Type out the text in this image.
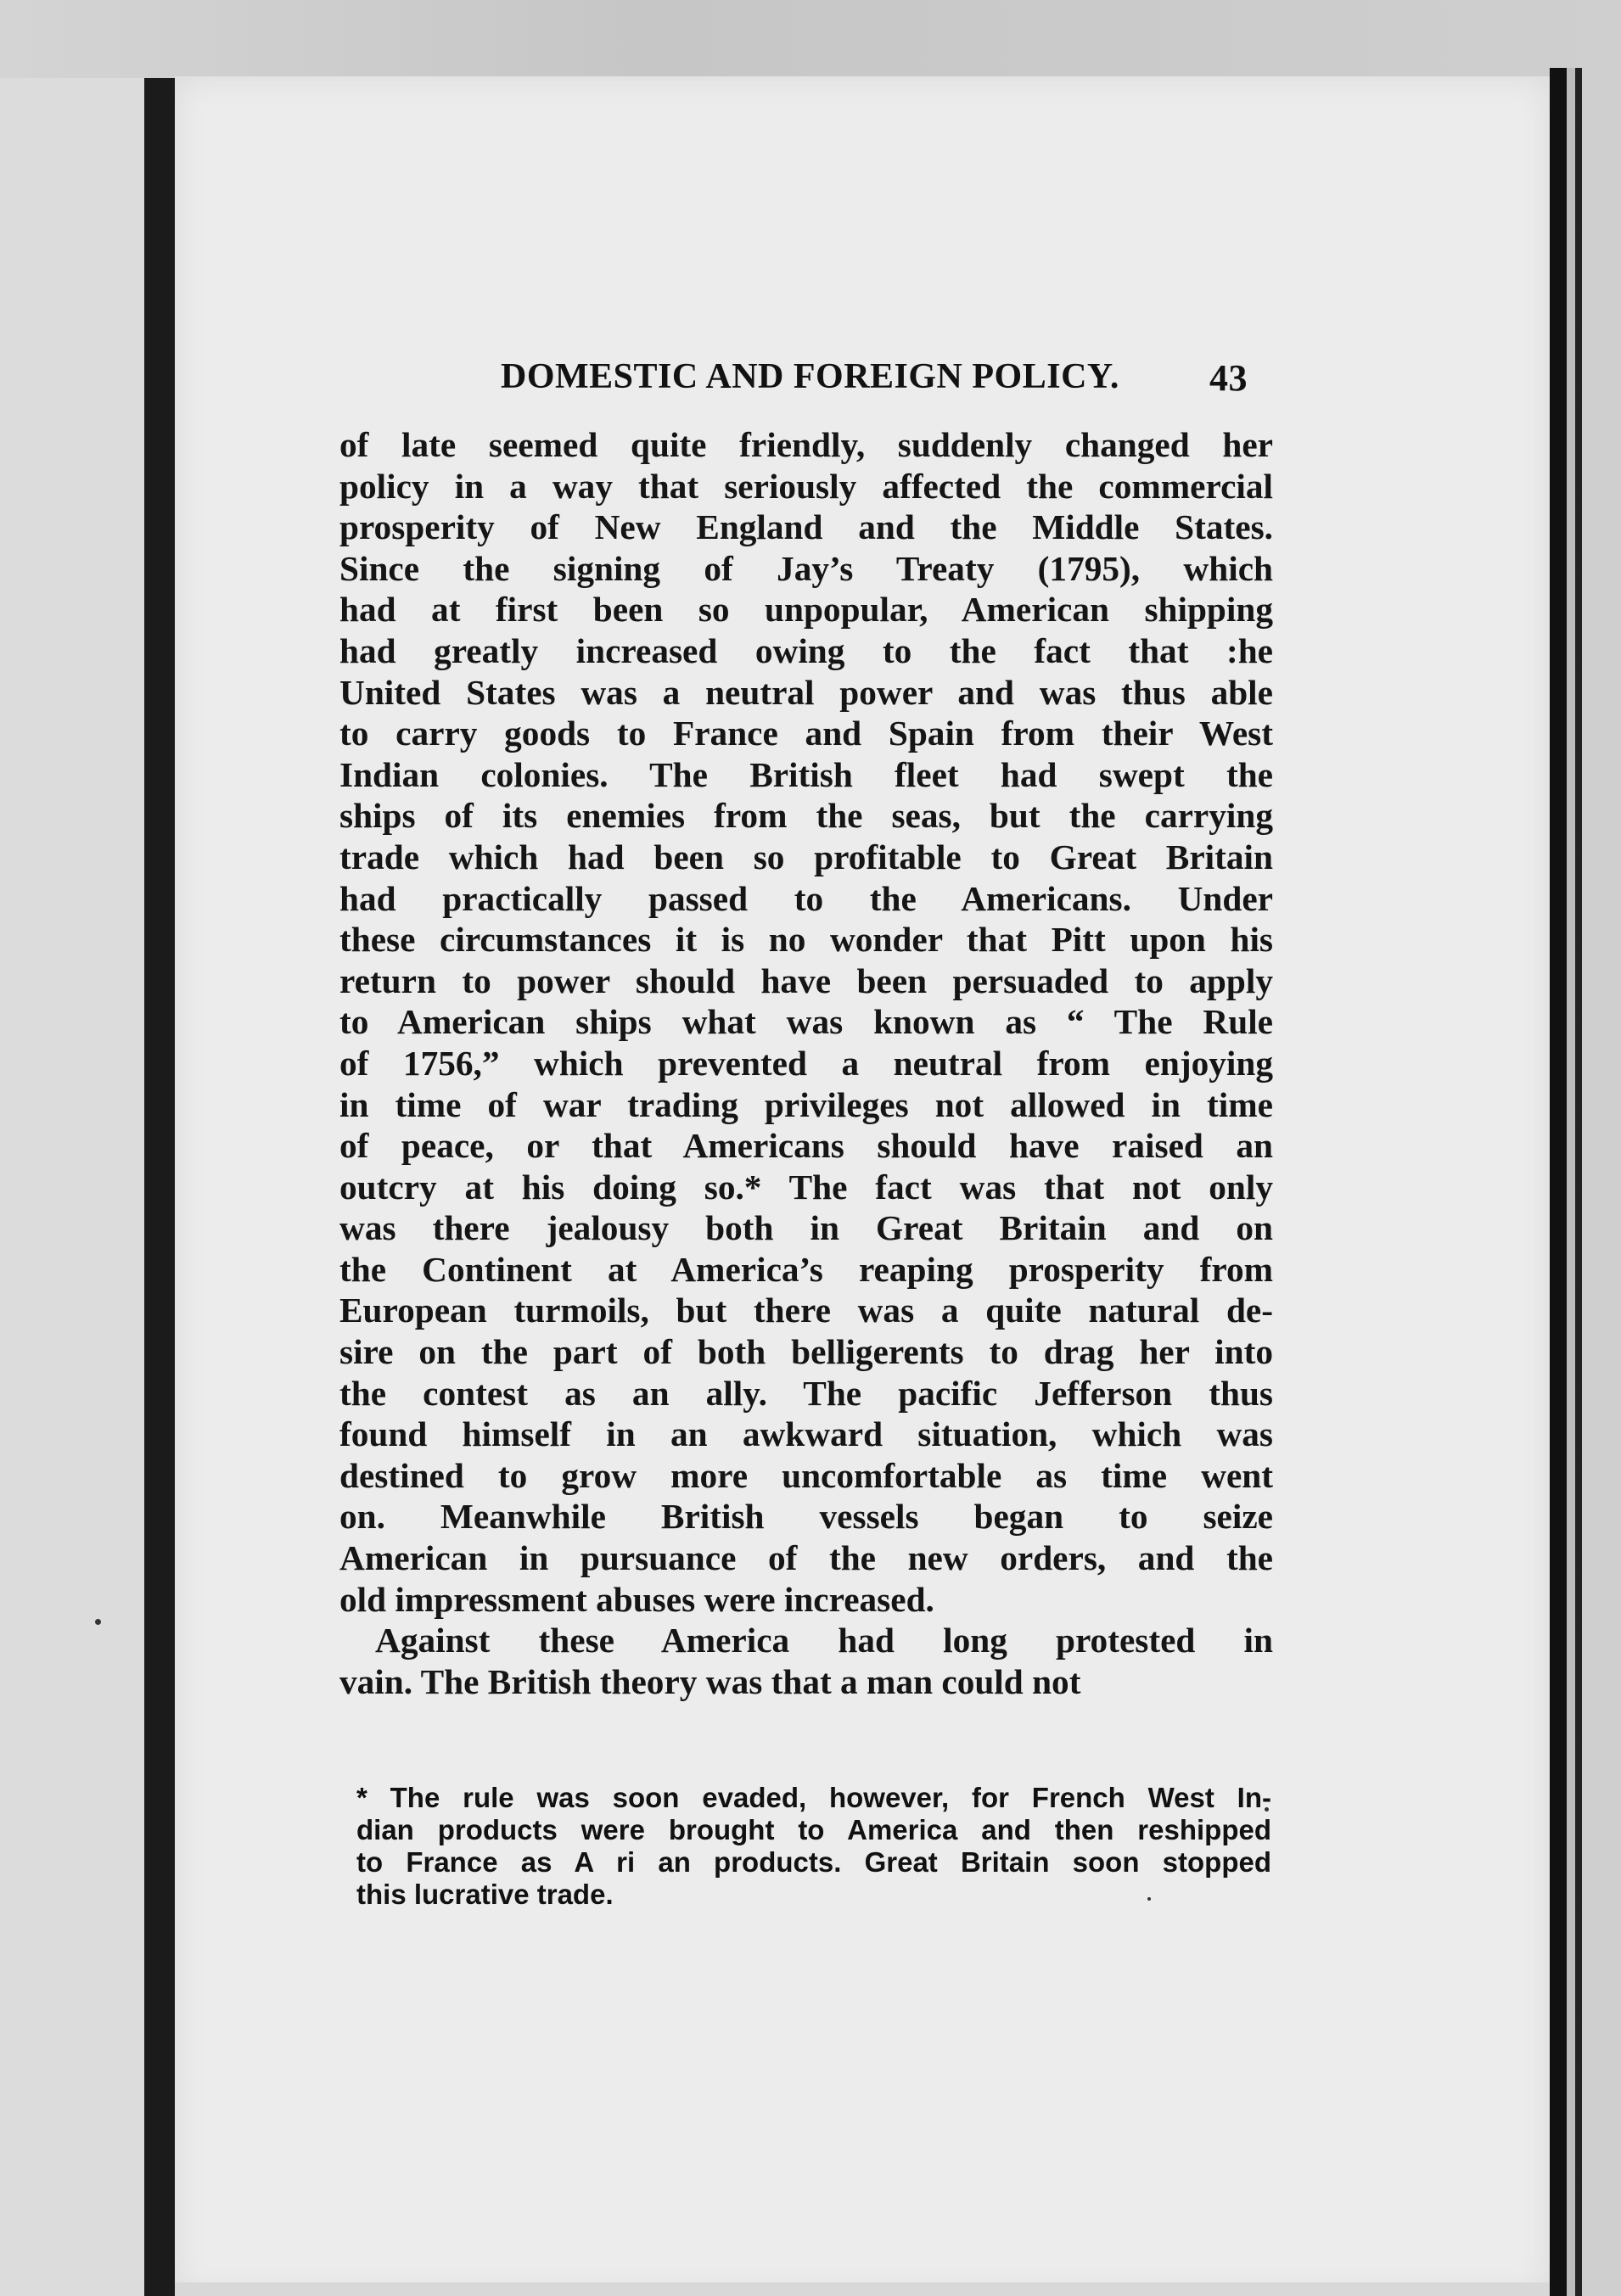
DOMESTIC AND FOREIGN POLICY. 43

of late seemed quite friendly, suddenly changed her

policy in a way that seriously affected the commercial

prosperity of New England and the Middle States.

Since the signing of Jay’s Treaty (1795), which

had at first been so unpopular, American shipping

had greatly increased owing to the fact that :he

United States was a neutral power and was thus able

to carry goods to France and Spain from their West

Indian colonies. The British fleet had swept the

ships of its enemies from the seas, but the carrying

trade which had been so profitable to Great Britain

had practically passed to the Americans. Under

these circumstances it is no wonder that Pitt upon his

return to power should have been persuaded to apply

to American ships what was known as “ The Rule

of 1756,” which prevented a neutral from enjoying

in time of war trading privileges not allowed in time

of peace, or that Americans should have raised an

outcry at his doing so.* The fact was that not only

was there jealousy both in Great Britain and on

the Continent at America’s reaping prosperity from

European turmoils, but there was a quite natural de-

sire on the part of both belligerents to drag her into

the contest as an ally. The pacific Jefferson thus

found himself in an awkward situation, which was

destined to grow more uncomfortable as time went

on. Meanwhile British vessels began to seize

American in pursuance of the new orders, and the

old impressment abuses were increased.

Against these America had long protested in

vain. The British theory was that a man could not

* The rule was soon evaded, however, for French West In-

dian products were brought to America and then reshipped

to France as A ri an products. Great Britain soon stopped

this lucrative trade.
